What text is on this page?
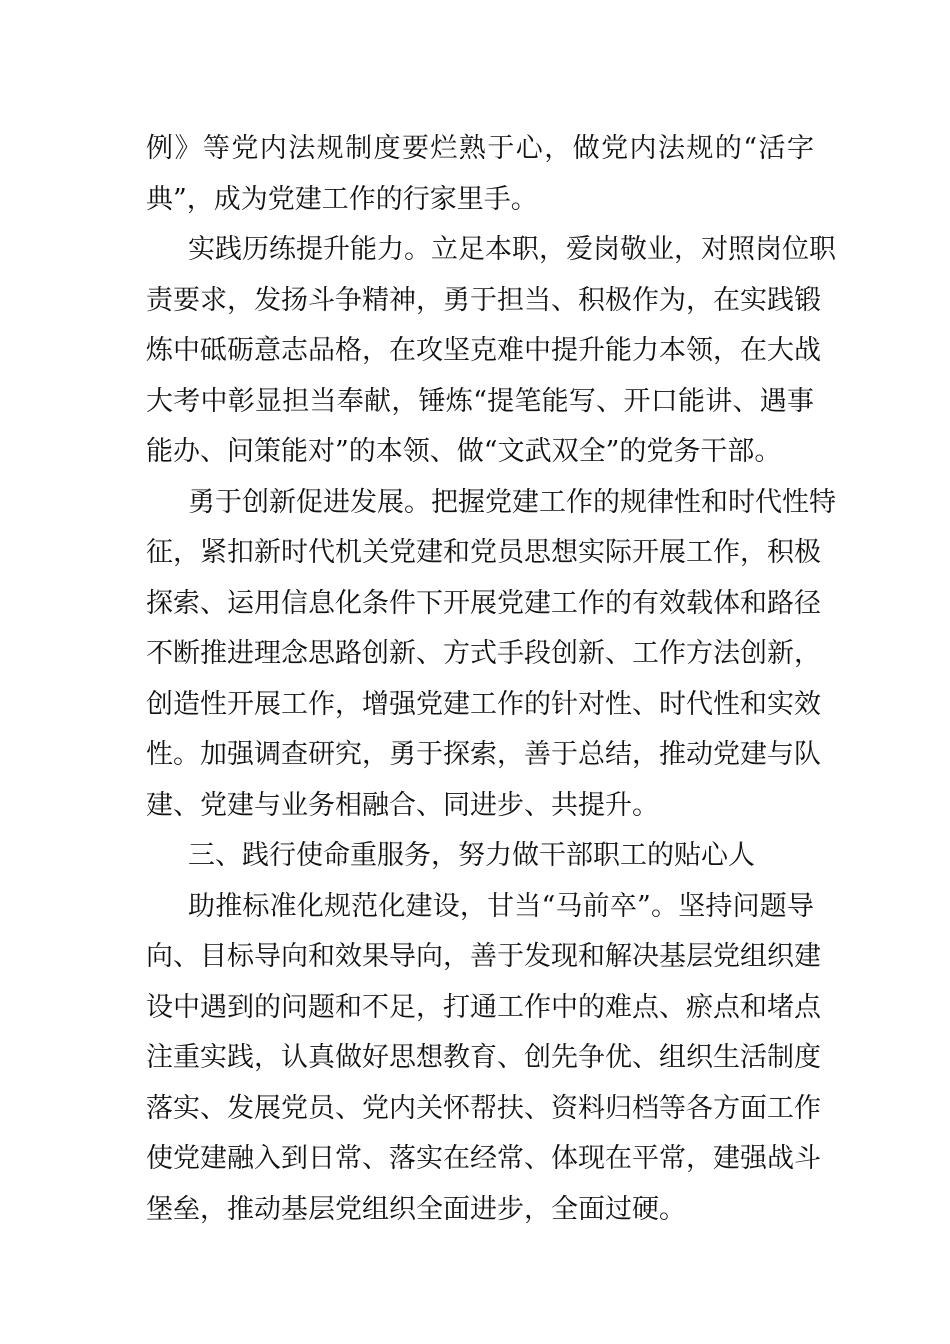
例》等党内法规制度要烂熟于心，做党内法规的“活字
典”，成为党建工作的行家里手。
实践历练提升能力。立足本职，爱岗敬业，对照岗位职
责要求，发扬斗争精神，勇于担当、积极作为，在实践锻
炼中砥砺意志品格，在攻坚克难中提升能力本领，在大战
大考中彰显担当奉献，锤炼“提笔能写、开口能讲、遇事
能办、问策能对”的本领、做“文武双全”的党务干部。
勇于创新促进发展。把握党建工作的规律性和时代性特
征，紧扣新时代机关党建和党员思想实际开展工作，积极
探索、运用信息化条件下开展党建工作的有效载体和路径
不断推进理念思路创新、方式手段创新、工作方法创新，
创造性开展工作，增强党建工作的针对性、时代性和实效
性。加强调查研究，勇于探索，善于总结，推动党建与队
建、党建与业务相融合、同进步、共提升。
三、践行使命重服务，努力做干部职工的贴心人
助推标准化规范化建设，甘当“马前卒”。坚持问题导
向、目标导向和效果导向，善于发现和解决基层党组织建
设中遇到的问题和不足，打通工作中的难点、瘀点和堵点
注重实践，认真做好思想教育、创先争优、组织生活制度
落实、发展党员、党内关怀帮扶、资料归档等各方面工作
使党建融入到日常、落实在经常、体现在平常，建强战斗
堡垒，推动基层党组织全面进步，全面过硬。
